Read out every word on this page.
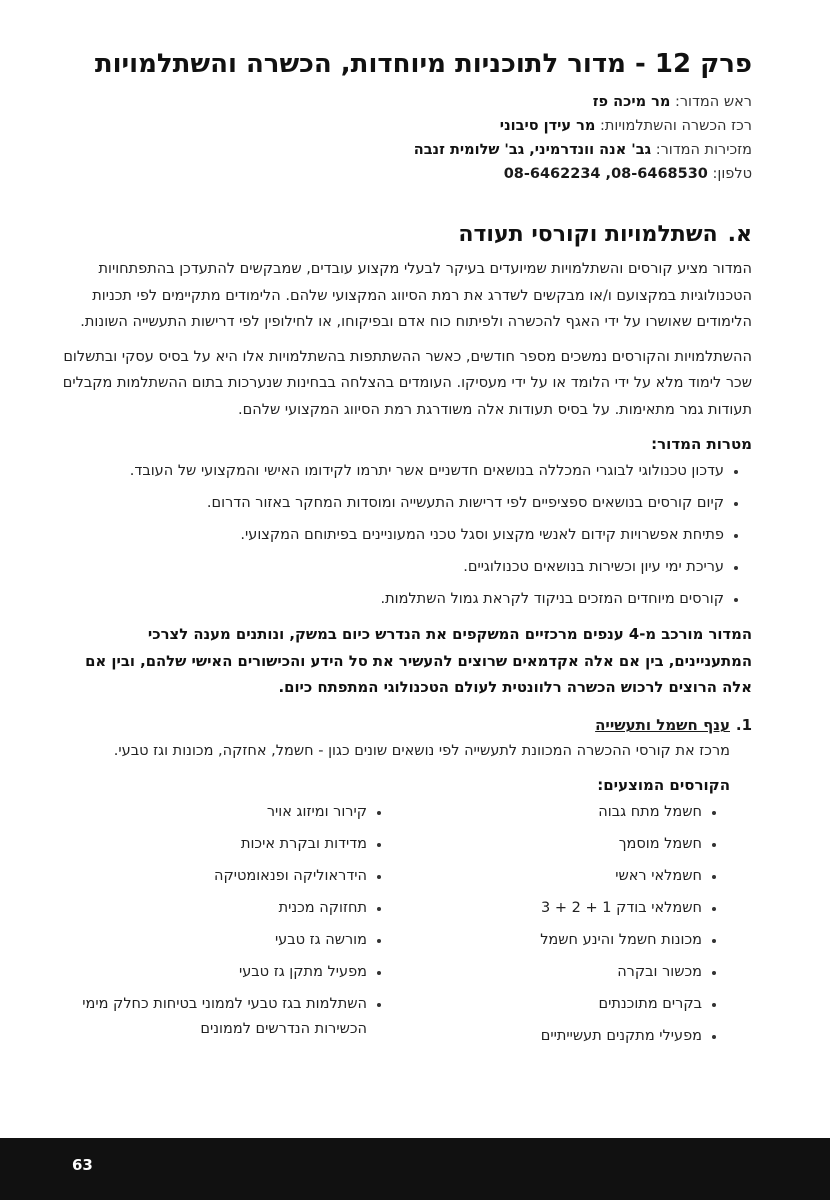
פרק 12 - מדור לתוכניות מיוחדות, הכשרה והשתלמויות
ראש המדור: מר מיכה פז
רכז הכשרה והשתלמויות: מר עידן סיבוני
מזכירות המדור: גב' אנה וונדרמיני, גב' שלומית זנבה
טלפון: 08-6462234 ,08-6468530
א.השתלמויות וקורסי תעודה

המדור מציע קורסים והשתלמויות שמיועדים בעיקר לבעלי מקצוע עובדים, שמבקשים להתעדכן בהתפתחויות הטכנולוגיות במקצועם ו/או מבקשים לשדרג את רמת הסיווג המקצועי שלהם. הלימודים מתקיימים לפי תכניות הלימודים שאושרו על ידי האגף להכשרה ולפיתוח כוח אדם ובפיקוחו, או לחילופין לפי דרישות התעשייה השונות.

ההשתלמויות והקורסים נמשכים מספר חודשים, כאשר ההשתתפות בהשתלמויות אלו היא על בסיס עסקי ובתשלום שכר לימוד מלא על ידי הלומד או על ידי מעסיקו. העומדים בהצלחה בבחינות שנערכות בתום ההשתלמות מקבלים תעודות גמר מתאימות. על בסיס תעודות אלה משודרגת רמת הסיווג המקצועי שלהם.

מטרות המדור:
עדכון טכנולוגי לבוגרי המכללה בנושאים חדשניים אשר יתרמו לקידומו האישי והמקצועי של העובד.
קיום קורסים בנושאים ספציפיים לפי דרישות התעשייה ומוסדות המחקר באזור הדרום.
פתיחת אפשרויות קידום לאנשי מקצוע וסגל טכני המעוניינים בפיתוחם המקצועי.
עריכת ימי עיון וכשירות בנושאים טכנולוגיים.
קורסים מיוחדים המזכים בניקוד לקראת גמול השתלמות.

המדור מורכב מ-4 ענפים מרכזיים המשקפים את הנדרש כיום במשק, ונותנים מענה לצרכי המתעניינים, בין אם אלה אקדמאים שרוצים להעשיר את סל הידע והכישורים האישי שלהם, ובין אם אלה הרוצים לרכוש הכשרה רלוונטית לעולם הטכנולוגי המתפתח כיום.

1.ענף חשמל ותעשייה

מרכז את קורסי ההכשרה המכוונת לתעשייה לפי נושאים שונים כגון - חשמל, אחזקה, מכונות וגז טבעי.

הקורסים המוצעים:
חשמל מתח גבוה
חשמל מוסמך
חשמלאי ראשי
חשמלאי בודק 1 + 2 + 3
מכונות חשמל והינע חשמל
מכשור ובקרה
בקרים מתוכנתים
מפעילי מתקנים תעשייתיים
קירור ומיזוג אויר
מדידות ובקרת איכות
הידראוליקה ופנאומטיקה
תחזוקה מכנית
מורשה גז טבעי
מפעיל מתקן גז טבעי
השתלמות בגז טבעי לממוני בטיחות כחלק מימי הכשירות הנדרשים לממונים
63
